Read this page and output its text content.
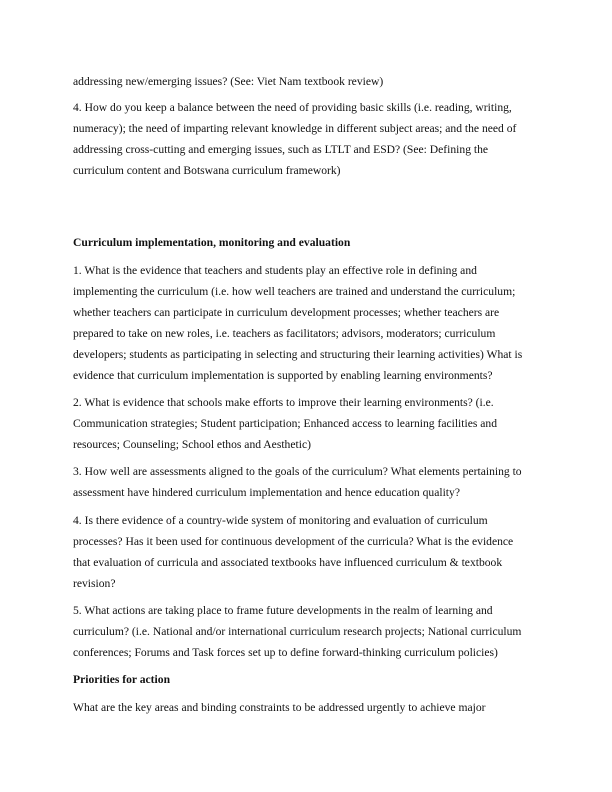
addressing new/emerging issues? (See: Viet Nam textbook review)
4. How do you keep a balance between the need of providing basic skills (i.e. reading, writing,
numeracy); the need of imparting relevant knowledge in different subject areas; and the need of
addressing cross-cutting and emerging issues, such as LTLT and ESD? (See: Defining the
curriculum content and Botswana curriculum framework)
Curriculum implementation, monitoring and evaluation
1. What is the evidence that teachers and students play an effective role in defining and
implementing the curriculum (i.e. how well teachers are trained and understand the curriculum;
whether teachers can participate in curriculum development processes; whether teachers are
prepared to take on new roles, i.e. teachers as facilitators; advisors, moderators; curriculum
developers; students as participating in selecting and structuring their learning activities) What is
evidence that curriculum implementation is supported by enabling learning environments?
2. What is evidence that schools make efforts to improve their learning environments? (i.e.
Communication strategies; Student participation; Enhanced access to learning facilities and
resources; Counseling; School ethos and Aesthetic)
3. How well are assessments aligned to the goals of the curriculum? What elements pertaining to
assessment have hindered curriculum implementation and hence education quality?
4. Is there evidence of a country-wide system of monitoring and evaluation of curriculum
processes? Has it been used for continuous development of the curricula? What is the evidence
that evaluation of curricula and associated textbooks have influenced curriculum & textbook
revision?
5. What actions are taking place to frame future developments in the realm of learning and
curriculum? (i.e. National and/or international curriculum research projects; National curriculum
conferences; Forums and Task forces set up to define forward-thinking curriculum policies)
Priorities for action
What are the key areas and binding constraints to be addressed urgently to achieve major
